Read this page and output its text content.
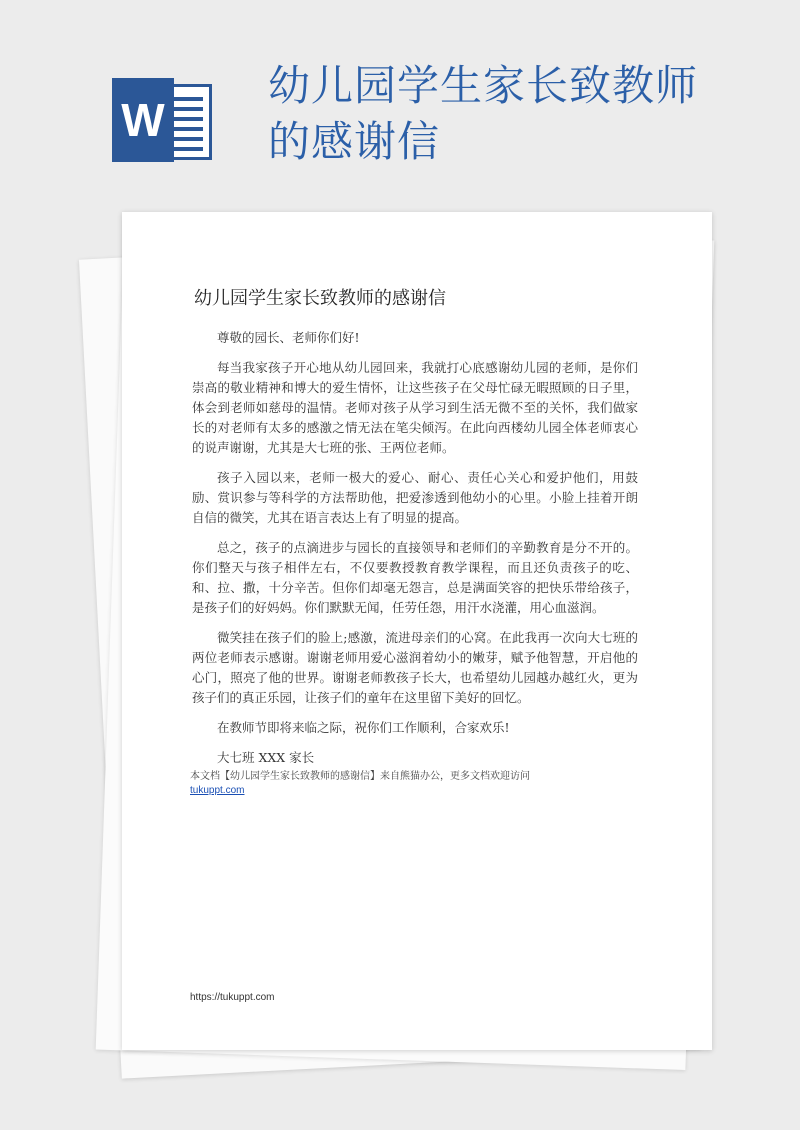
W
幼儿园学生家长致教师的感谢信
幼儿园学生家长致教师的感谢信

尊敬的园长、老师你们好!

每当我家孩子开心地从幼儿园回来，我就打心底感谢幼儿园的老师，是你们崇高的敬业精神和博大的爱生情怀，让这些孩子在父母忙碌无暇照顾的日子里，体会到老师如慈母的温情。老师对孩子从学习到生活无微不至的关怀，我们做家长的对老师有太多的感激之情无法在笔尖倾泻。在此向西楼幼儿园全体老师衷心的说声谢谢，尤其是大七班的张、王两位老师。

孩子入园以来，老师一极大的爱心、耐心、责任心关心和爱护他们，用鼓励、赏识参与等科学的方法帮助他，把爱渗透到他幼小的心里。小脸上挂着开朗自信的微笑，尤其在语言表达上有了明显的提高。

总之，孩子的点滴进步与园长的直接领导和老师们的辛勤教育是分不开的。你们整天与孩子相伴左右，不仅要教授教育教学课程，而且还负责孩子的吃、和、拉、撒，十分辛苦。但你们却毫无怨言，总是满面笑容的把快乐带给孩子，是孩子们的好妈妈。你们默默无闻，任劳任怨，用汗水浇灌，用心血滋润。

微笑挂在孩子们的脸上;感激，流进母亲们的心窝。在此我再一次向大七班的两位老师表示感谢。谢谢老师用爱心滋润着幼小的嫩芽，赋予他智慧，开启他的心门，照亮了他的世界。谢谢老师教孩子长大，也希望幼儿园越办越红火，更为孩子们的真正乐园，让孩子们的童年在这里留下美好的回忆。

在教师节即将来临之际，祝你们工作顺利，合家欢乐!

大七班 XXX 家长

本文档【幼儿园学生家长致教师的感谢信】来自熊猫办公，更多文档欢迎访问
tukuppt.com
https://tukuppt.com
